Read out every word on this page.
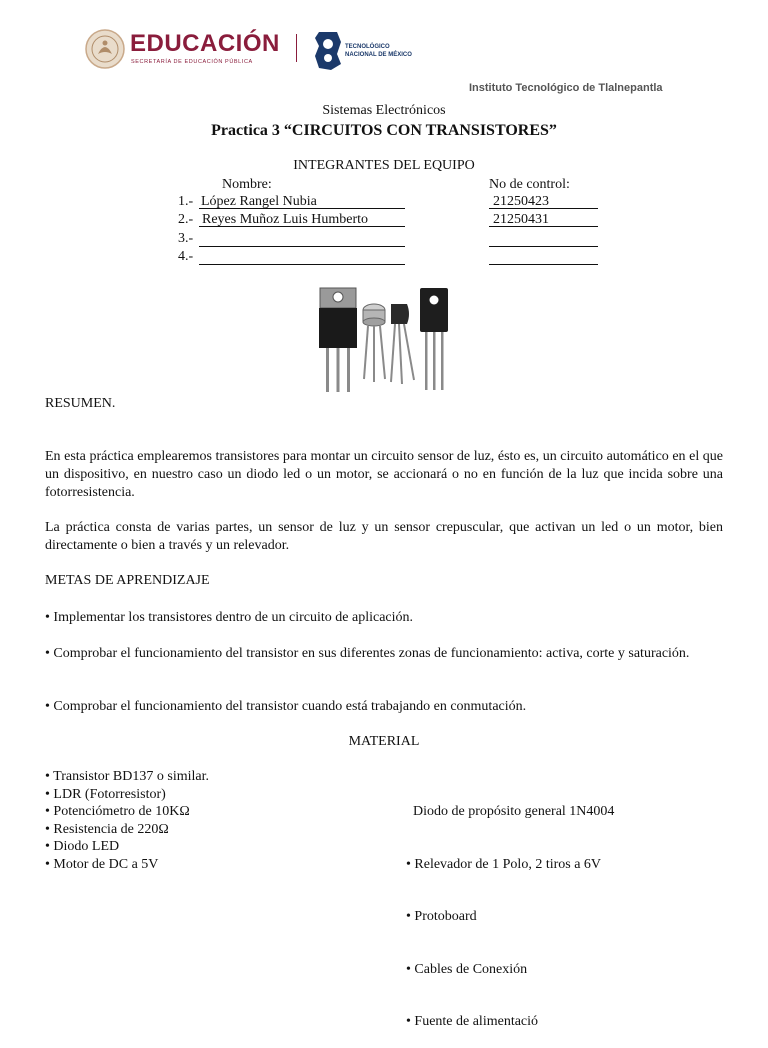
EDUCACIÓN
SECRETARÍA DE EDUCACIÓN PÚBLICA
TECNOLÓGICO
NACIONAL DE MÉXICO
Instituto Tecnológico de Tlalnepantla
Sistemas Electrónicos
Practica 3 “CIRCUITOS CON TRANSISTORES”
INTEGRANTES DEL EQUIPO
Nombre:	No de control:
1.- López Rangel Nubia	21250423
2.- Reyes Muñoz Luis Humberto	21250431
3.-
4.-
RESUMEN.
En esta práctica emplearemos transistores para montar un circuito sensor de luz, ésto es, un circuito automático en el que un dispositivo, en nuestro caso un diodo led o un motor, se accionará o no en función de la luz que incida sobre una fotorresistencia.
La práctica consta de varias partes, un sensor de luz y un sensor crepuscular, que activan un led o un motor, bien directamente o bien a través y un relevador.
METAS DE APRENDIZAJE
• Implementar los transistores dentro de un circuito de aplicación.
• Comprobar el funcionamiento del transistor en sus diferentes zonas de funcionamiento: activa, corte y saturación.
• Comprobar el funcionamiento del transistor cuando está trabajando en conmutación.
MATERIAL
• Transistor BD137 o similar.
• LDR (Fotorresistor)
• Potenciómetro de 10KΩ
• Resistencia de 220Ω
• Diodo LED
• Motor de DC a 5V

Diodo de propósito general 1N4004

• Relevador de 1 Polo, 2 tiros a 6V

• Protoboard

• Cables de Conexión

• Fuente de alimentació
